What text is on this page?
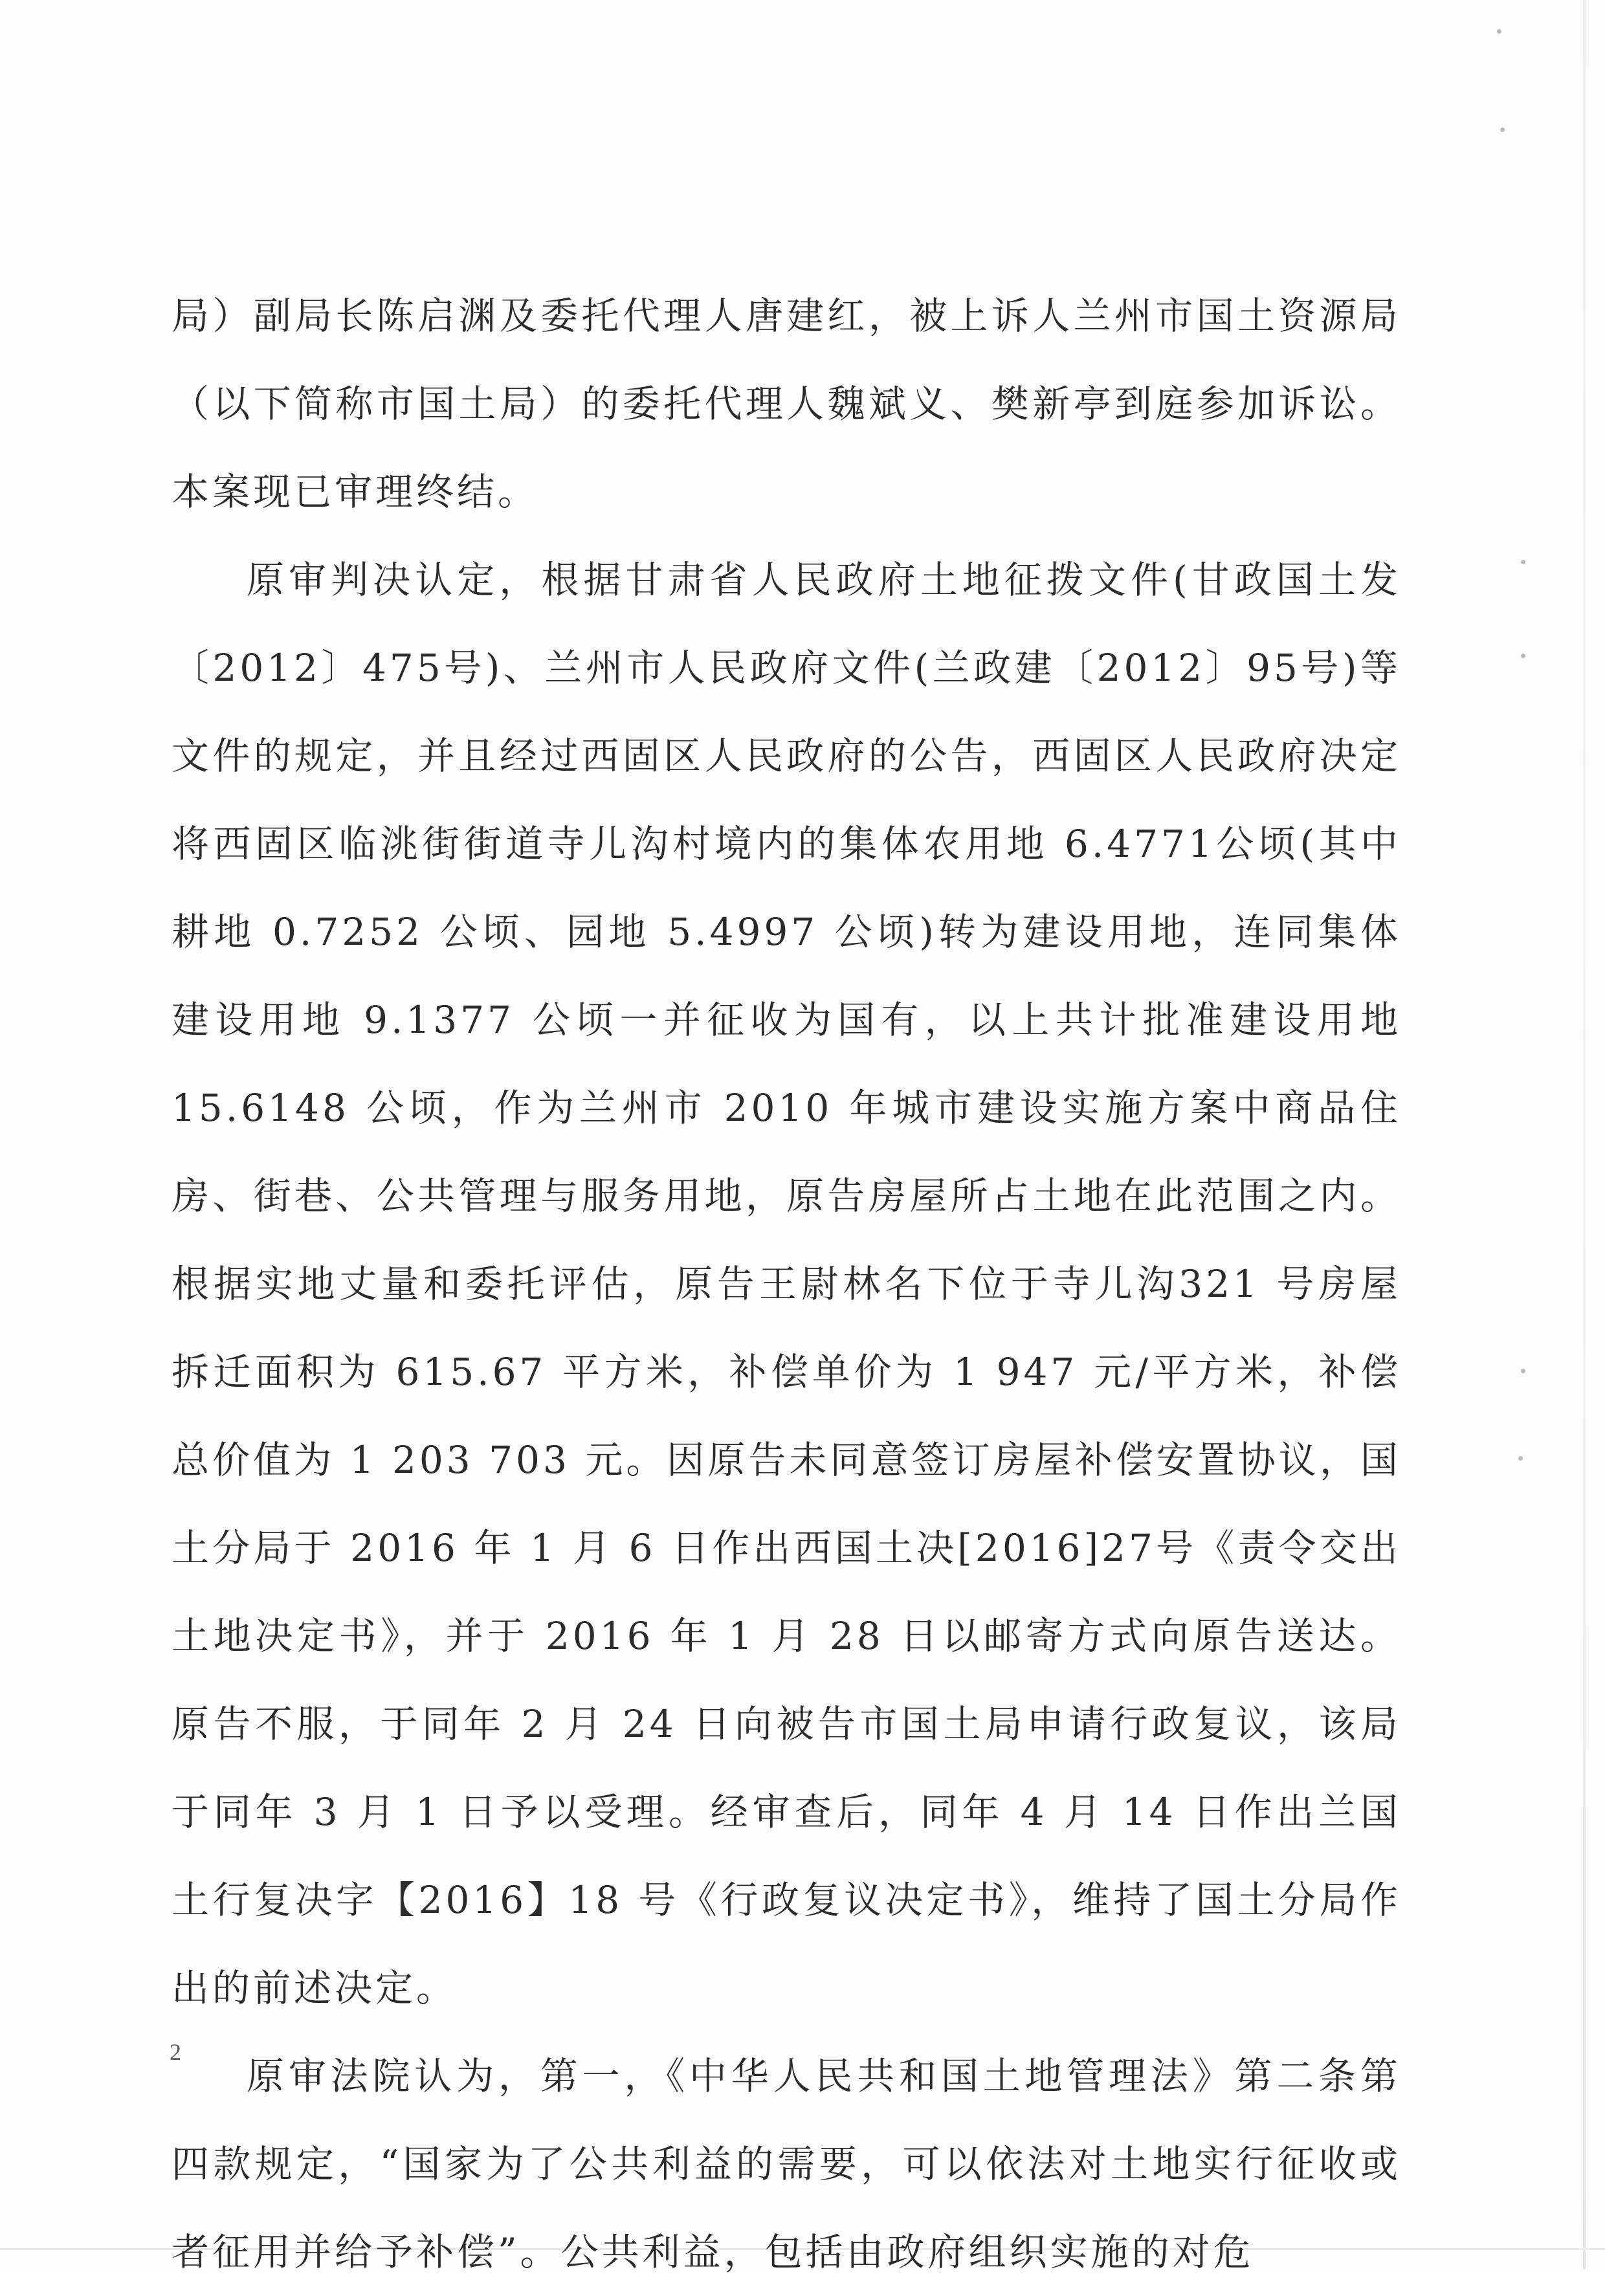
局）副局长陈启渊及委托代理人唐建红，被上诉人兰州市国土资源局（以下简称市国土局）的委托代理人魏斌义、樊新亭到庭参加诉讼。本案现已审理终结。

原审判决认定，根据甘肃省人民政府土地征拨文件(甘政国土发〔2012〕475号)、兰州市人民政府文件(兰政建〔2012〕95号)等文件的规定，并且经过西固区人民政府的公告，西固区人民政府决定将西固区临洮街街道寺儿沟村境内的集体农用地 6.4771公顷(其中耕地 0.7252 公顷、园地 5.4997 公顷)转为建设用地，连同集体建设用地 9.1377 公顷一并征收为国有，以上共计批准建设用地 15.6148 公顷，作为兰州市 2010 年城市建设实施方案中商品住房、街巷、公共管理与服务用地，原告房屋所占土地在此范围之内。根据实地丈量和委托评估，原告王尉林名下位于寺儿沟321 号房屋拆迁面积为 615.67 平方米，补偿单价为 1 947 元/平方米，补偿总价值为 1 203 703 元。因原告未同意签订房屋补偿安置协议，国土分局于 2016 年 1 月 6 日作出西国土决[2016]27号《责令交出土地决定书》，并于 2016 年 1 月 28 日以邮寄方式向原告送达。原告不服，于同年 2 月 24 日向被告市国土局申请行政复议，该局于同年 3 月 1 日予以受理。经审查后，同年 4 月 14 日作出兰国土行复决字【2016】18 号《行政复议决定书》，维持了国土分局作出的前述决定。

原审法院认为，第一，《中华人民共和国土地管理法》第二条第四款规定，“国家为了公共利益的需要，可以依法对土地实行征收或者征用并给予补偿”。公共利益，包括由政府组织实施的对危

2
